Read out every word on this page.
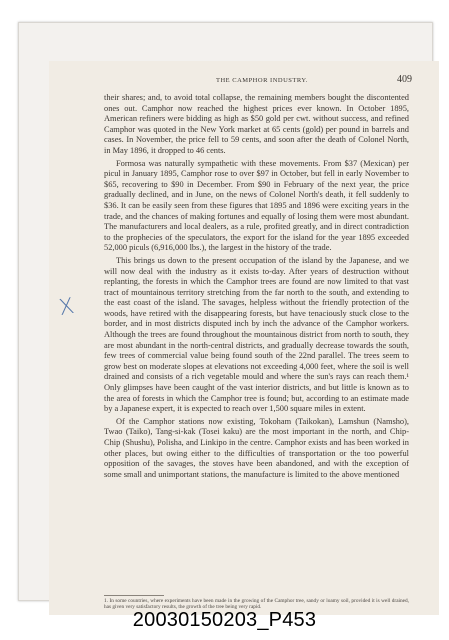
THE CAMPHOR INDUSTRY.	409
X

their shares; and, to avoid total collapse, the remaining members bought the discontented ones out. Camphor now reached the highest prices ever known. In October 1895, American refiners were bidding as high as $50 gold per cwt. without success, and refined Camphor was quoted in the New York market at 65 cents (gold) per pound in barrels and cases. In November, the price fell to 59 cents, and soon after the death of Colonel North, in May 1896, it dropped to 46 cents.

Formosa was naturally sympathetic with these movements. From $37 (Mexican) per picul in January 1895, Camphor rose to over $97 in October, but fell in early November to $65, recovering to $90 in December. From $90 in February of the next year, the price gradually declined, and in June, on the news of Colonel North's death, it fell suddenly to $36. It can be easily seen from these figures that 1895 and 1896 were exciting years in the trade, and the chances of making fortunes and equally of losing them were most abundant. The manufacturers and local dealers, as a rule, profited greatly, and in direct contradiction to the prophecies of the speculators, the export for the island for the year 1895 exceeded 52,000 piculs (6,916,000 lbs.), the largest in the history of the trade.

This brings us down to the present occupation of the island by the Japanese, and we will now deal with the industry as it exists to-day. After years of destruction without replanting, the forests in which the Camphor trees are found are now limited to that vast tract of mountainous territory stretching from the far north to the south, and extending to the east coast of the island. The savages, helpless without the friendly protection of the woods, have retired with the disappearing forests, but have tenaciously stuck close to the border, and in most districts disputed inch by inch the advance of the Camphor workers. Although the trees are found throughout the mountainous district from north to south, they are most abundant in the north-central districts, and gradually decrease towards the south, few trees of commercial value being found south of the 22nd parallel. The trees seem to grow best on moderate slopes at elevations not exceeding 4,000 feet, where the soil is well drained and consists of a rich vegetable mould and where the sun's rays can reach them.¹ Only glimpses have been caught of the vast interior districts, and but little is known as to the area of forests in which the Camphor tree is found; but, according to an estimate made by a Japanese expert, it is expected to reach over 1,500 square miles in extent.

Of the Camphor stations now existing, Tokoham (Taikokan), Lamshun (Namsho), Twao (Taiko), Tang-si-kak (Tosei kaku) are the most important in the north, and Chip-Chip (Shushu), Polisha, and Linkipo in the centre. Camphor exists and has been worked in other places, but owing either to the difficulties of transportation or the too powerful opposition of the savages, the stoves have been abandoned, and with the exception of some small and unimportant stations, the manufacture is limited to the above mentioned

1. In some countries, where experiments have been made in the growing of the Camphor tree, sandy or loamy soil, provided it is well drained, has given very satisfactory results, the growth of the tree being very rapid.
20030150203_P453
